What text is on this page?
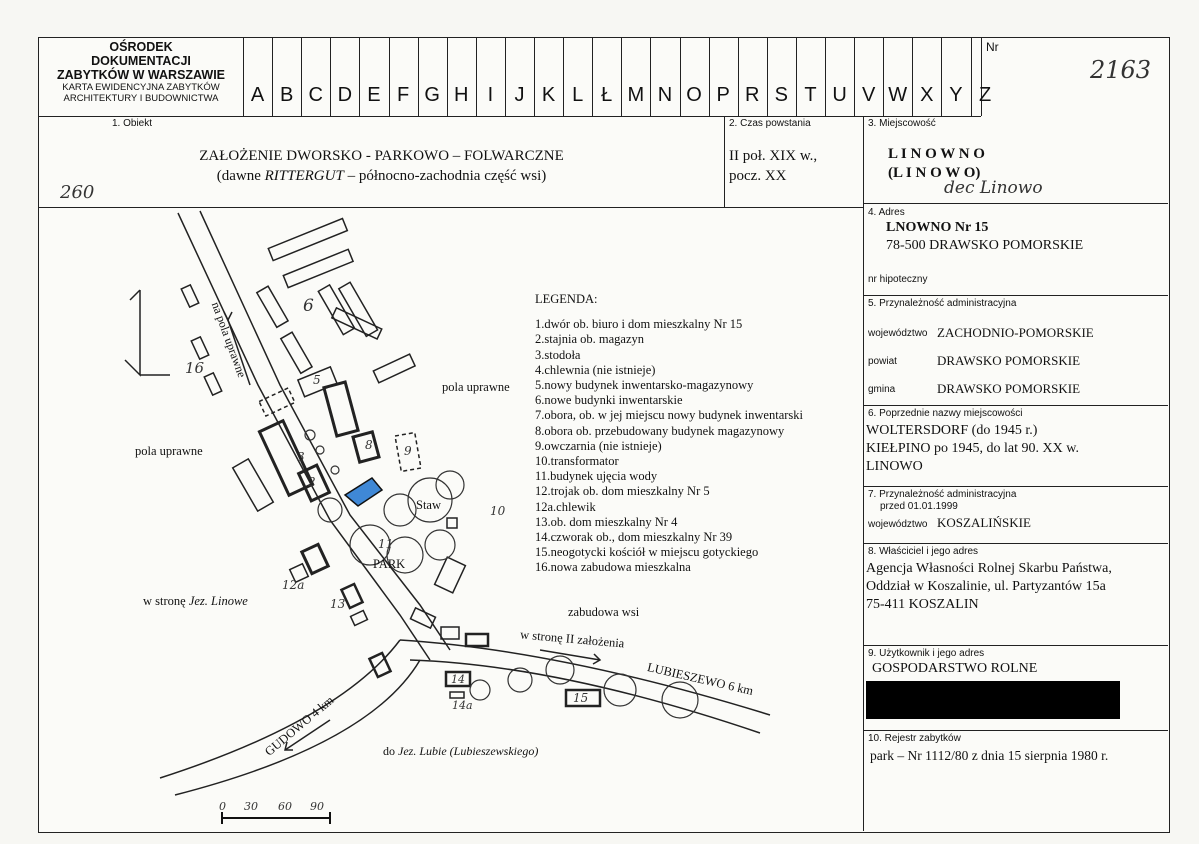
OŚRODEK
DOKUMENTACJI
ZABYTKÓW W WARSZAWIE
KARTA EWIDENCYJNA ZABYTKÓW
ARCHITEKTURY I BUDOWNICTWA	A B C D E F G H I	J K L Ł M N O P R S T U V W X Y Z
Nr
2163
1. Obiekt
ZAŁOŻENIE DWORSKO - PARKOWO – FOLWARCZNE
(dawne RITTERGUT – północno-zachodnia część wsi)
260
2. Czas powstania
II poł. XIX w.,
pocz. XX
3. Miejscowość
L I N O W N O
(L I N O W O)
dec Linowo
4. Adres
LNOWNO Nr 15
78-500 DRAWSKO POMORSKIE
nr hipoteczny
5. Przynależność administracyjna
województwo ZACHODNIO-POMORSKIE
powiat	DRAWSKO POMORSKIE
gmina	DRAWSKO POMORSKIE
6. Poprzednie nazwy miejscowości
WOLTERSDORF (do 1945 r.)
KIEŁPINO po 1945, do lat 90. XX w.
LINOWO
7. Przynależność administracyjna
przed 01.01.1999
województwo KOSZALIŃSKIE
8. Właściciel i jego adres
Agencja Własności Rolnej Skarbu Państwa,
Oddział w Koszalinie, ul. Partyzantów 15a
75-411 KOSZALIN
9. Użytkownik i jego adres
GOSPODARSTWO ROLNE
10. Rejestr zabytków
park – Nr 1112/80 z dnia 15 sierpnia 1980 r.
6
5
3
2
8	9
11
16
12a
13
10
15
14
14a
na pola uprawne
pola uprawne
pola uprawne
w stronę Jez. Linowe
zabudowa wsi
w stronę II założenia
LUBIESZEWO 6 km
GUDOWO 4 km	do Jez. Lubie (Lubieszewskiego)
Staw
PARK
0 30 60 90
LEGENDA:
1.dwór ob. biuro i dom mieszkalny Nr 15
2.stajnia ob. magazyn
3.stodoła
4.chlewnia (nie istnieje)
5.nowy budynek inwentarsko-magazynowy
6.nowe budynki inwentarskie
7.obora, ob. w jej miejscu nowy budynek inwentarski
8.obora ob. przebudowany budynek magazynowy
9.owczarnia (nie istnieje)
10.transformator
11.budynek ujęcia wody
12.trojak ob. dom mieszkalny Nr 5
12a.chlewik
13.ob. dom mieszkalny Nr 4
14.czworak ob., dom mieszkalny Nr 39
15.neogotycki kościół w miejscu gotyckiego
16.nowa zabudowa mieszkalna
